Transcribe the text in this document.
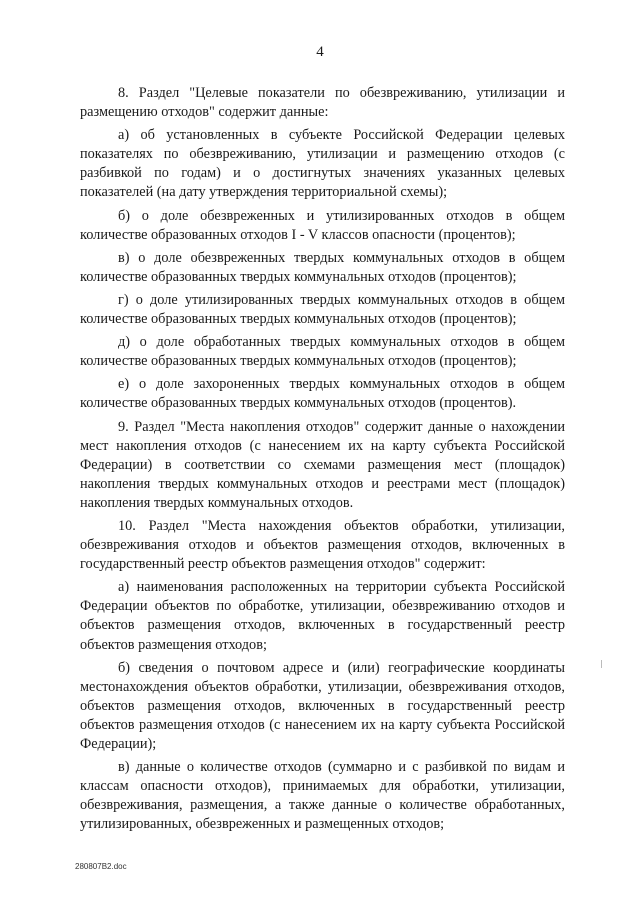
4

8. Раздел "Целевые показатели по обезвреживанию, утилизации и размещению отходов" содержит данные:

а) об установленных в субъекте Российской Федерации целевых показателях по обезвреживанию, утилизации и размещению отходов (с разбивкой по годам) и о достигнутых значениях указанных целевых показателей (на дату утверждения территориальной схемы);

б) о доле обезвреженных и утилизированных отходов в общем количестве образованных отходов I - V классов опасности (процентов);

в) о доле обезвреженных твердых коммунальных отходов в общем количестве образованных твердых коммунальных отходов (процентов);

г) о доле утилизированных твердых коммунальных отходов в общем количестве образованных твердых коммунальных отходов (процентов);

д) о доле обработанных твердых коммунальных отходов в общем количестве образованных твердых коммунальных отходов (процентов);

е) о доле захороненных твердых коммунальных отходов в общем количестве образованных твердых коммунальных отходов (процентов).

9. Раздел "Места накопления отходов" содержит данные о нахождении мест накопления отходов (с нанесением их на карту субъекта Российской Федерации) в соответствии со схемами размещения мест (площадок) накопления твердых коммунальных отходов и реестрами мест (площадок) накопления твердых коммунальных отходов.

10. Раздел "Места нахождения объектов обработки, утилизации, обезвреживания отходов и объектов размещения отходов, включенных в государственный реестр объектов размещения отходов" содержит:

а) наименования расположенных на территории субъекта Российской Федерации объектов по обработке, утилизации, обезвреживанию отходов и объектов размещения отходов, включенных в государственный реестр объектов размещения отходов;

б) сведения о почтовом адресе и (или) географические координаты местонахождения объектов обработки, утилизации, обезвреживания отходов, объектов размещения отходов, включенных в государственный реестр объектов размещения отходов (с нанесением их на карту субъекта Российской Федерации);

в) данные о количестве отходов (суммарно и с разбивкой по видам и классам опасности отходов), принимаемых для обработки, утилизации, обезвреживания, размещения, а также данные о количестве обработанных, утилизированных, обезвреженных и размещенных отходов;

280807B2.doc
